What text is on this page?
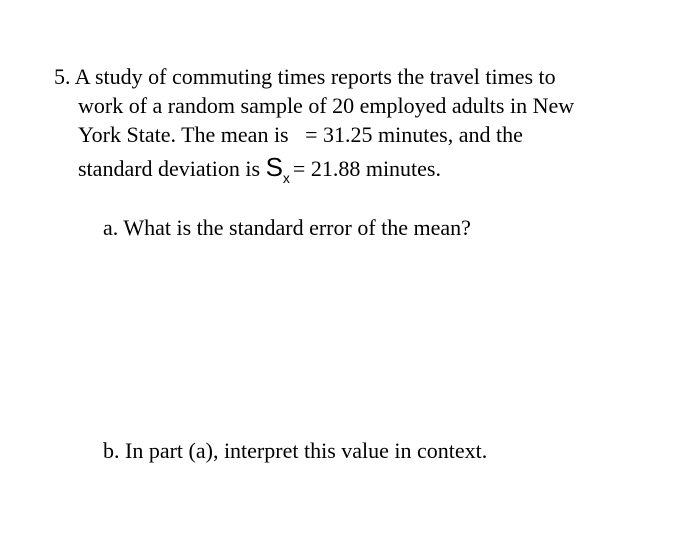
5. A study of commuting times reports the travel times to
work of a random sample of 20 employed adults in New
York State. The mean is = 31.25 minutes, and the
standard deviation is $S_x = 21.88$ minutes.
a. What is the standard error of the mean?
b. In part (a), interpret this value in context.
